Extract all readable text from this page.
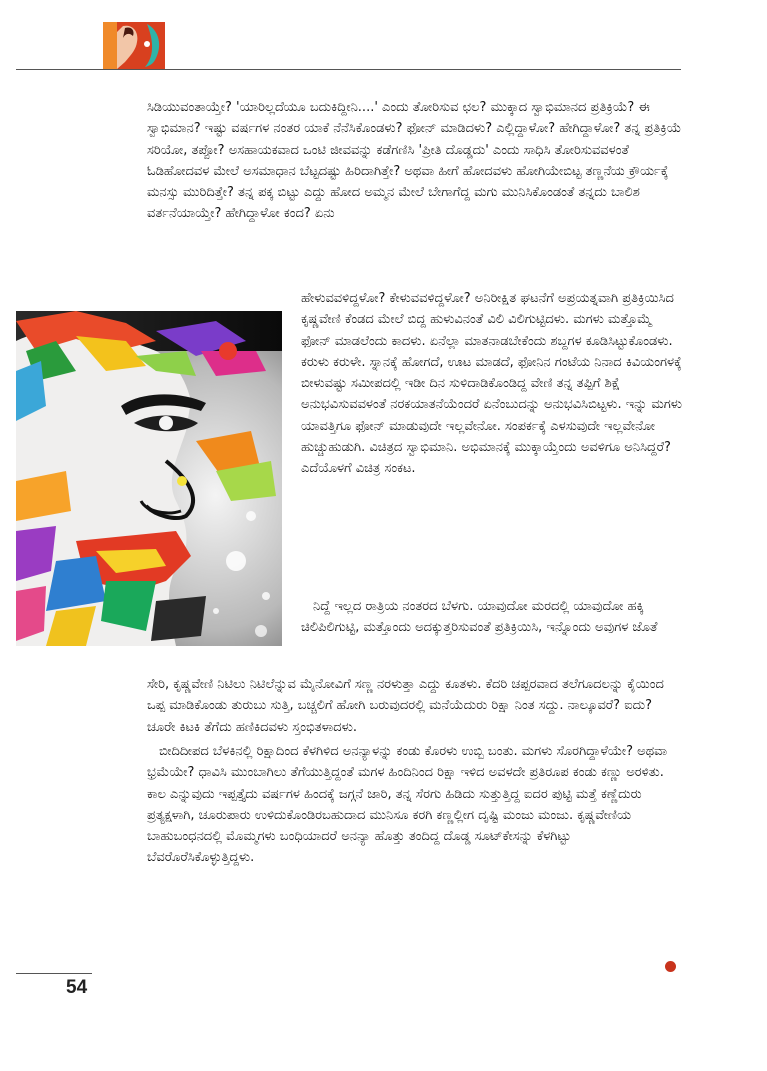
ಸಿಡಿಯುವಂತಾಯ್ತೇ? 'ಯಾರಿಲ್ಲದೆಯೂ ಬದುಕಿದ್ದೀನಿ....' ಎಂದು ತೋರಿಸುವ ಛಲ? ಮುಕ್ಕಾದ ಸ್ವಾಭಿಮಾನದ ಪ್ರತಿಕ್ರಿಯೆ? ಈ ಸ್ವಾಭಿಮಾನ? ಇಷ್ಟು ವರ್ಷಗಳ ನಂತರ ಯಾಕೆ ನೆನೆಸಿಕೊಂಡಳು? ಫೋನ್ ಮಾಡಿದಳು? ಎಲ್ಲಿದ್ದಾಳೋ? ಹೇಗಿದ್ದಾಳೋ? ತನ್ನ ಪ್ರತಿಕ್ರಿಯೆ ಸರಿಯೋ, ತಪ್ಪೋ? ಅಸಹಾಯಕವಾದ ಒಂಟಿ ಜೀವವನ್ನು ಕಡೆಗಣಿಸಿ 'ಪ್ರೀತಿ ದೊಡ್ಡದು' ಎಂದು ಸಾಧಿಸಿ ತೋರಿಸುವವಳಂತೆ ಓಡಿಹೋದವಳ ಮೇಲೆ ಅಸಮಾಧಾನ ಬೆಟ್ಟದಷ್ಟು ಹಿರಿದಾಗಿತ್ತೇ? ಅಥವಾ ಹೀಗೆ ಹೋದವಳು ಹೋಗಿಯೇಬಿಟ್ಟ ತಣ್ಣನೆಯ ಕ್ರೌರ್ಯಕ್ಕೆ ಮನಸ್ಸು ಮುರಿದಿತ್ತೇ? ತನ್ನ ಪಕ್ಕ ಬಿಟ್ಟು ಎದ್ದು ಹೋದ ಅಮ್ಮನ ಮೇಲೆ ಬೇಗಾಗೆದ್ದ ಮಗು ಮುನಿಸಿಕೊಂಡಂತೆ ತನ್ನದು ಬಾಲಿಶ ವರ್ತನೆಯಾಯ್ತೇ? ಹೇಗಿದ್ದಾಳೋ ಕಂದ? ಏನು

ಹೇಳುವವಳಿದ್ದಳೋ? ಕೇಳುವವಳಿದ್ದಳೋ? ಅನಿರೀಕ್ಷಿತ ಘಟನೆಗೆ ಅಪ್ರಯತ್ನವಾಗಿ ಪ್ರತಿಕ್ರಿಯಿಸಿದ ಕೃಷ್ಣವೇಣಿ ಕೆಂಡದ ಮೇಲೆ ಬಿದ್ದ ಹುಳುವಿನಂತೆ ವಿಲಿ ವಿಲಿಗುಟ್ಟಿದಳು. ಮಗಳು ಮತ್ತೊಮ್ಮೆ ಫೋನ್ ಮಾಡಲೆಂದು ಕಾದಳು. ಏನೆಲ್ಲಾ ಮಾತನಾಡಬೇಕೆಂದು ಶಬ್ದಗಳ ಕೂಡಿಸಿಟ್ಟುಕೊಂಡಳು. ಕರುಳು ಕರುಳೇ. ಸ್ನಾನಕ್ಕೆ ಹೋಗದೆ, ಊಟ ಮಾಡದೆ, ಫೋನಿನ ಗಂಟೆಯ ನಿನಾದ ಕಿವಿಯಂಗಳಕ್ಕೆ ಬೀಳುವಷ್ಟು ಸಮೀಪದಲ್ಲಿ ಇಡೀ ದಿನ ಸುಳಿದಾಡಿಕೊಂಡಿದ್ದ ವೇಣಿ ತನ್ನ ತಪ್ಪಿಗೆ ಶಿಕ್ಷೆ ಅನುಭವಿಸುವವಳಂತೆ ನರಕಯಾತನೆಯೆಂದರೆ ಏನೆಂಬುದನ್ನು ಅನುಭವಿಸಿಬಿಟ್ಟಳು. ಇನ್ನು ಮಗಳು ಯಾವತ್ತಿಗೂ ಫೋನ್ ಮಾಡುವುದೇ ಇಲ್ಲವೇನೋ. ಸಂಪರ್ಕಕ್ಕೆ ಎಳಸುವುದೇ ಇಲ್ಲವೇನೋ ಹುಚ್ಚುಹುಡುಗಿ. ವಿಚಿತ್ರದ ಸ್ವಾಭಿಮಾನಿ. ಅಭಿಮಾನಕ್ಕೆ ಮುಕ್ಕಾಯ್ತೆಂದು ಅವಳಿಗೂ ಅನಿಸಿದ್ದರೆ? ಎದೆಯೊಳಗೆ ವಿಚಿತ್ರ ಸಂಕಟ.

ನಿದ್ದೆ ಇಲ್ಲದ ರಾತ್ರಿಯ ನಂತರದ ಬೆಳಗು. ಯಾವುದೋ ಮರದಲ್ಲಿ ಯಾವುದೋ ಹಕ್ಕಿ ಚಿಲಿಪಿಲಿಗುಟ್ಟಿ, ಮತ್ತೊಂದು ಅದಕ್ಕುತ್ತರಿಸುವಂತೆ ಪ್ರತಿಕ್ರಿಯಿಸಿ, ಇನ್ನೊಂದು ಅವುಗಳ ಜೊತೆ

ಸೇರಿ, ಕೃಷ್ಣವೇಣಿ ನಿಟಿಲು ನಿಟಿಲೆನ್ನುವ ಮೈನೋವಿಗೆ ಸಣ್ಣ ನರಳುತ್ತಾ ಎದ್ದು ಕೂತಳು. ಕೆದರಿ ಚಪ್ಪರವಾದ ತಲೆಗೂದಲನ್ನು ಕೈಯಿಂದ ಒಪ್ಪ ಮಾಡಿಕೊಂಡು ತುರುಬು ಸುತ್ತಿ, ಬಚ್ಚಲಿಗೆ ಹೋಗಿ ಬರುವುದರಲ್ಲಿ ಮನೆಯೆದುರು ರಿಕ್ಷಾ ನಿಂತ ಸದ್ದು. ನಾಲ್ಕೂವರೆ? ಐದು? ಚೂರೇ ಕಿಟಕಿ ತೆಗೆದು ಹಣಿಕಿದವಳು ಸ್ತಂಭಿತಳಾದಳು.

ಬೀದಿದೀಪದ ಬೆಳಕಿನಲ್ಲಿ ರಿಕ್ಷಾದಿಂದ ಕೆಳಗಿಳಿದ ಅನನ್ಯಾಳನ್ನು ಕಂಡು ಕೊರಳು ಉಬ್ಬಿ ಬಂತು. ಮಗಳು ಸೊರಗಿದ್ದಾಳೆಯೇ? ಅಥವಾ ಭ್ರಮೆಯೇ? ಧಾವಿಸಿ ಮುಂಬಾಗಿಲು ತೆಗೆಯುತ್ತಿದ್ದಂತೆ ಮಗಳ ಹಿಂದಿನಿಂದ ರಿಕ್ಷಾ ಇಳಿದ ಅವಳದೇ ಪ್ರತಿರೂಪ ಕಂಡು ಕಣ್ಣು ಅರಳಿತು. ಕಾಲ ಎನ್ನುವುದು ಇಪ್ಪತ್ತೈದು ವರ್ಷಗಳ ಹಿಂದಕ್ಕೆ ಜಗ್ಗನೆ ಜಾರಿ, ತನ್ನ ಸೆರಗು ಹಿಡಿದು ಸುತ್ತುತ್ತಿದ್ದ ಐದರ ಪುಟ್ಟಿ ಮತ್ತೆ ಕಣ್ಣೆದುರು ಪ್ರತ್ಯಕ್ಷಳಾಗಿ, ಚೂರುಪಾರು ಉಳಿದುಕೊಂಡಿರಬಹುದಾದ ಮುನಿಸೂ ಕರಗಿ ಕಣ್ಣಲ್ಲೀಗ ದೃಷ್ಟಿ ಮಂಜು ಮಂಜು. ಕೃಷ್ಣವೇಣಿಯ ಬಾಹುಬಂಧನದಲ್ಲಿ ಮೊಮ್ಮಗಳು ಬಂಧಿಯಾದರೆ ಅನನ್ಯಾ ಹೊತ್ತು ತಂದಿದ್ದ ದೊಡ್ಡ ಸೂಟ್‌ಕೇಸನ್ನು ಕೆಳಗಿಟ್ಟು ಬೆವರೊರೆಸಿಕೊಳ್ಳುತ್ತಿದ್ದಳು.

54
